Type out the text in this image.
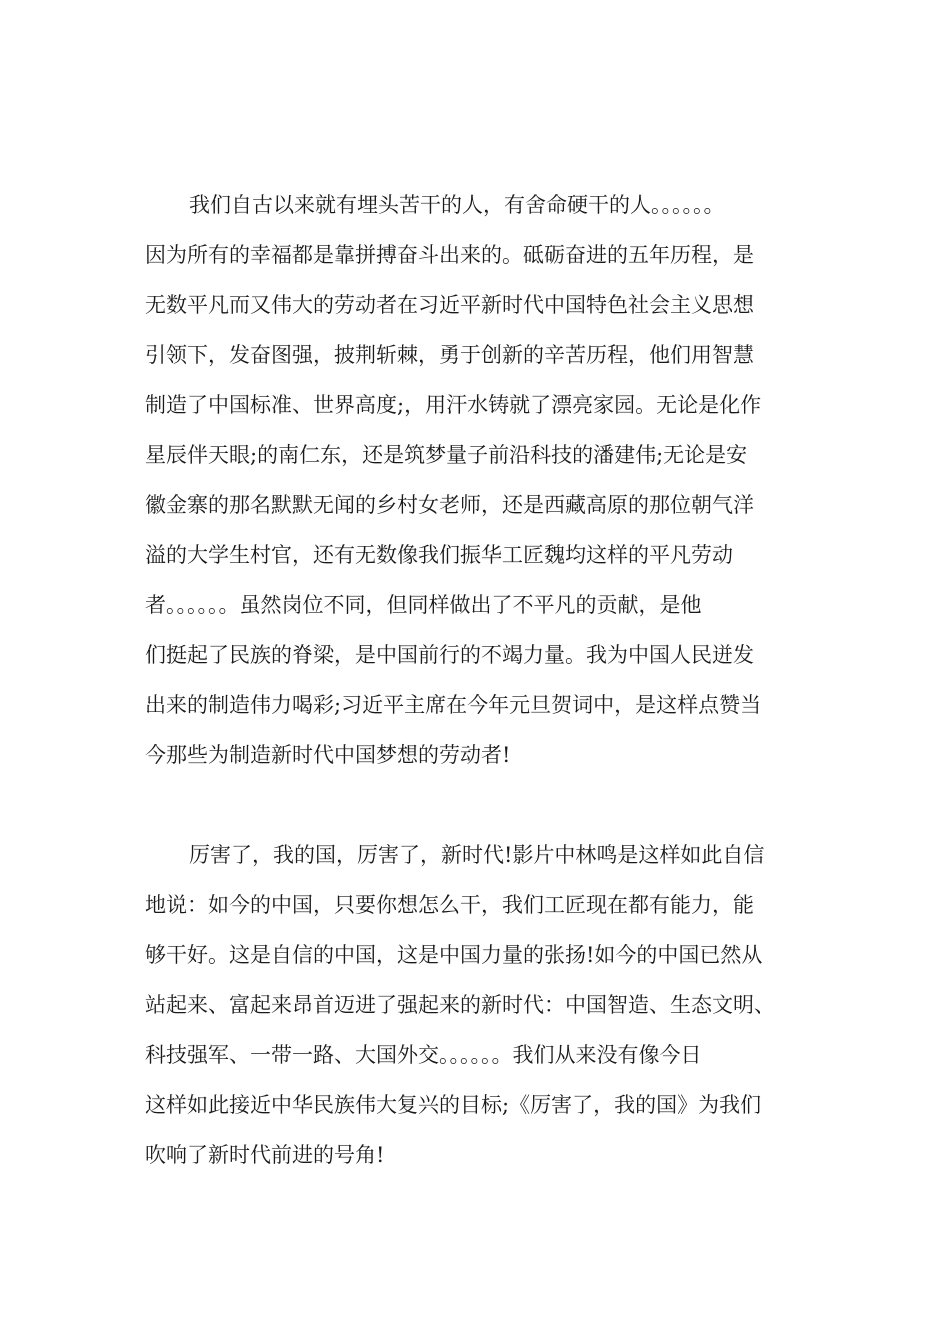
我们自古以来就有埋头苦干的人，有舍命硬干的人。。。。。。
因为所有的幸福都是靠拼搏奋斗出来的。砥砺奋进的五年历程，是
无数平凡而又伟大的劳动者在习近平新时代中国特色社会主义思想
引领下，发奋图强，披荆斩棘，勇于创新的辛苦历程，他们用智慧
制造了中国标准、世界高度;，用汗水铸就了漂亮家园。无论是化作
星辰伴天眼;的南仁东，还是筑梦量子前沿科技的潘建伟;无论是安
徽金寨的那名默默无闻的乡村女老师，还是西藏高原的那位朝气洋
溢的大学生村官，还有无数像我们振华工匠魏均这样的平凡劳动
者。。。。。。虽然岗位不同，但同样做出了不平凡的贡献，是他
们挺起了民族的脊梁，是中国前行的不竭力量。我为中国人民迸发
出来的制造伟力喝彩;习近平主席在今年元旦贺词中，是这样点赞当
今那些为制造新时代中国梦想的劳动者!
厉害了，我的国，厉害了，新时代!影片中林鸣是这样如此自信
地说：如今的中国，只要你想怎么干，我们工匠现在都有能力，能
够干好。这是自信的中国，这是中国力量的张扬!如今的中国已然从
站起来、富起来昂首迈进了强起来的新时代：中国智造、生态文明、
科技强军、一带一路、大国外交。。。。。。我们从来没有像今日
这样如此接近中华民族伟大复兴的目标;《厉害了，我的国》为我们
吹响了新时代前进的号角!
